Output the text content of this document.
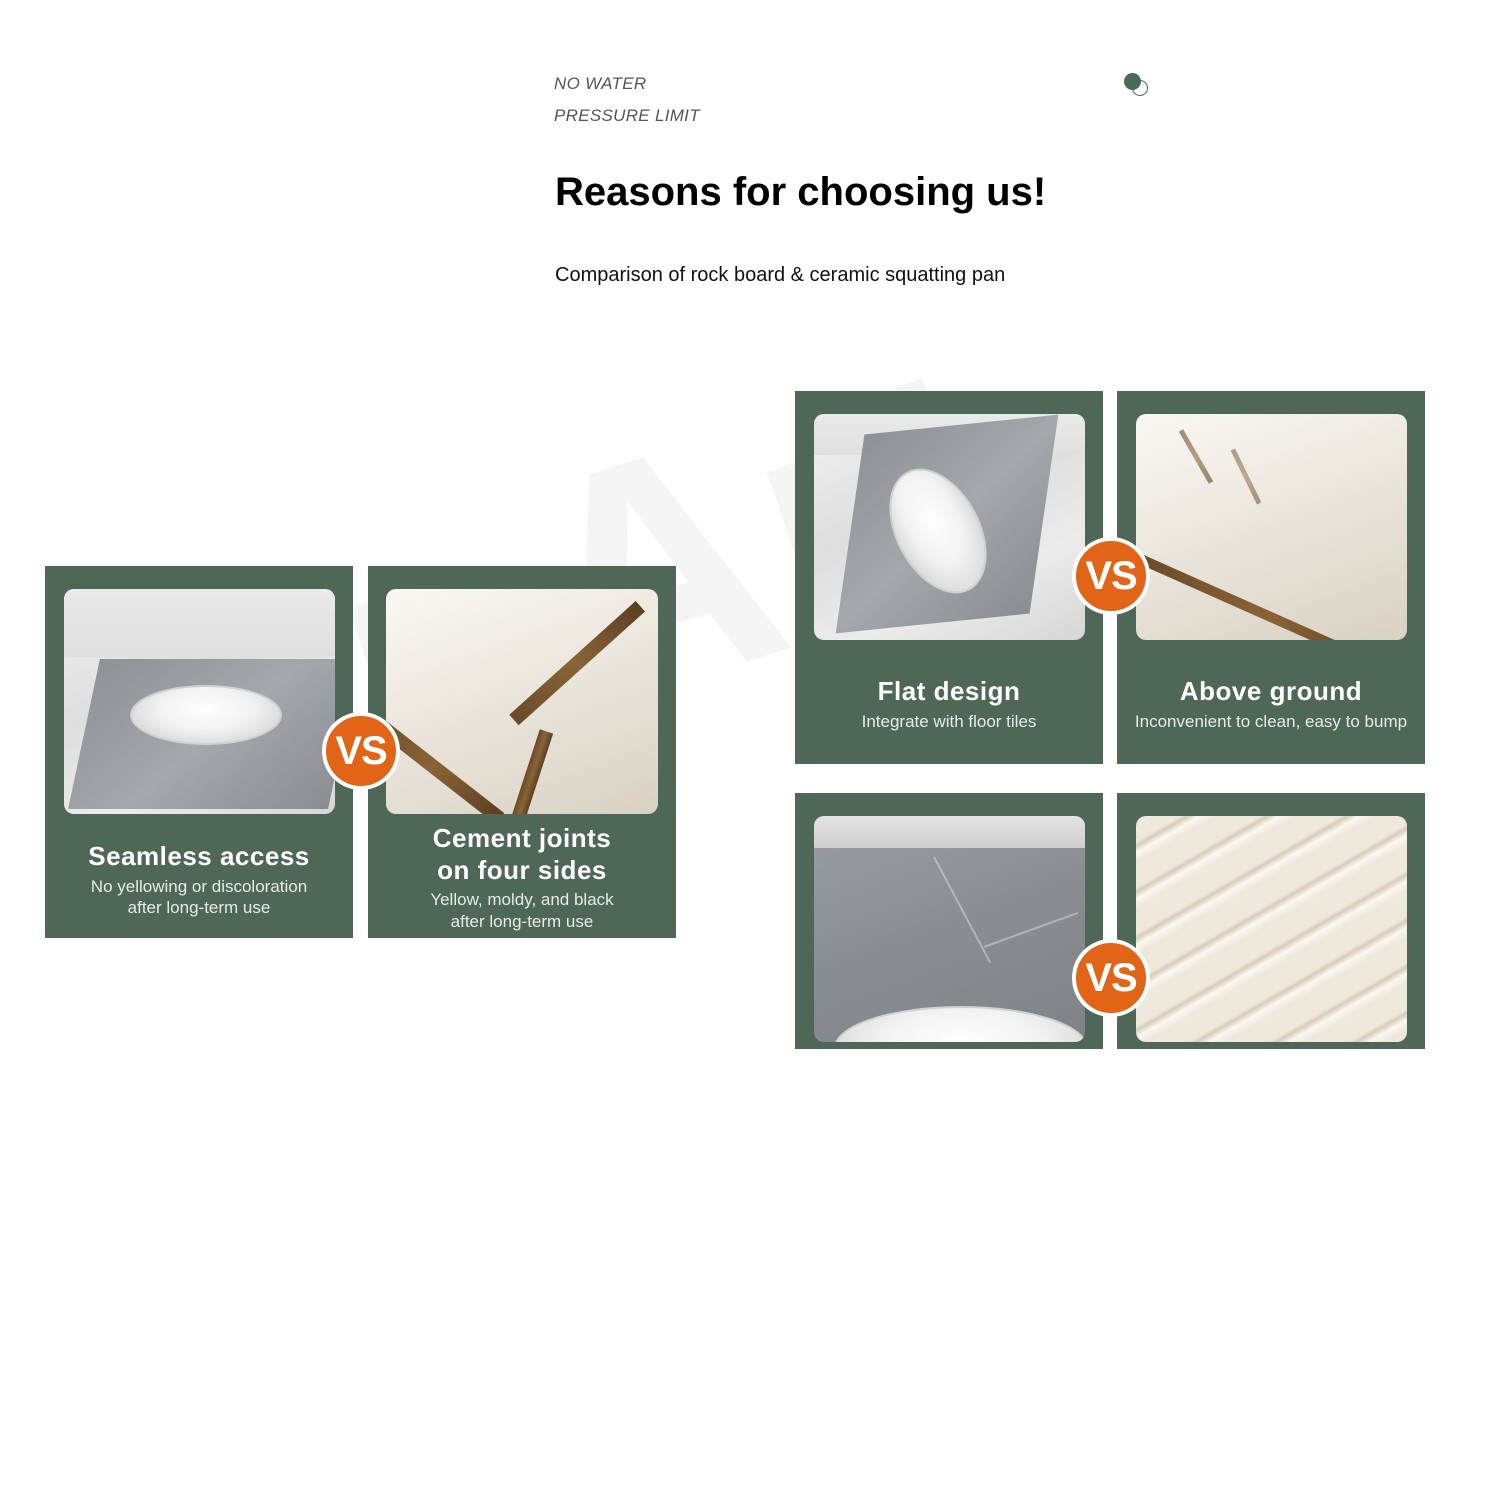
NO WATER
PRESSURE LIMIT
Reasons for choosing us!

Comparison of rock board & ceramic squatting pan

Seamless access
No yellowing or discoloration
after long-term use
Cement joints
on four sides
Yellow, moldy, and black
after long-term use
VS
Flat design
Integrate with floor tiles
Above ground
Inconvenient to clean, easy to bump
VS
VS
